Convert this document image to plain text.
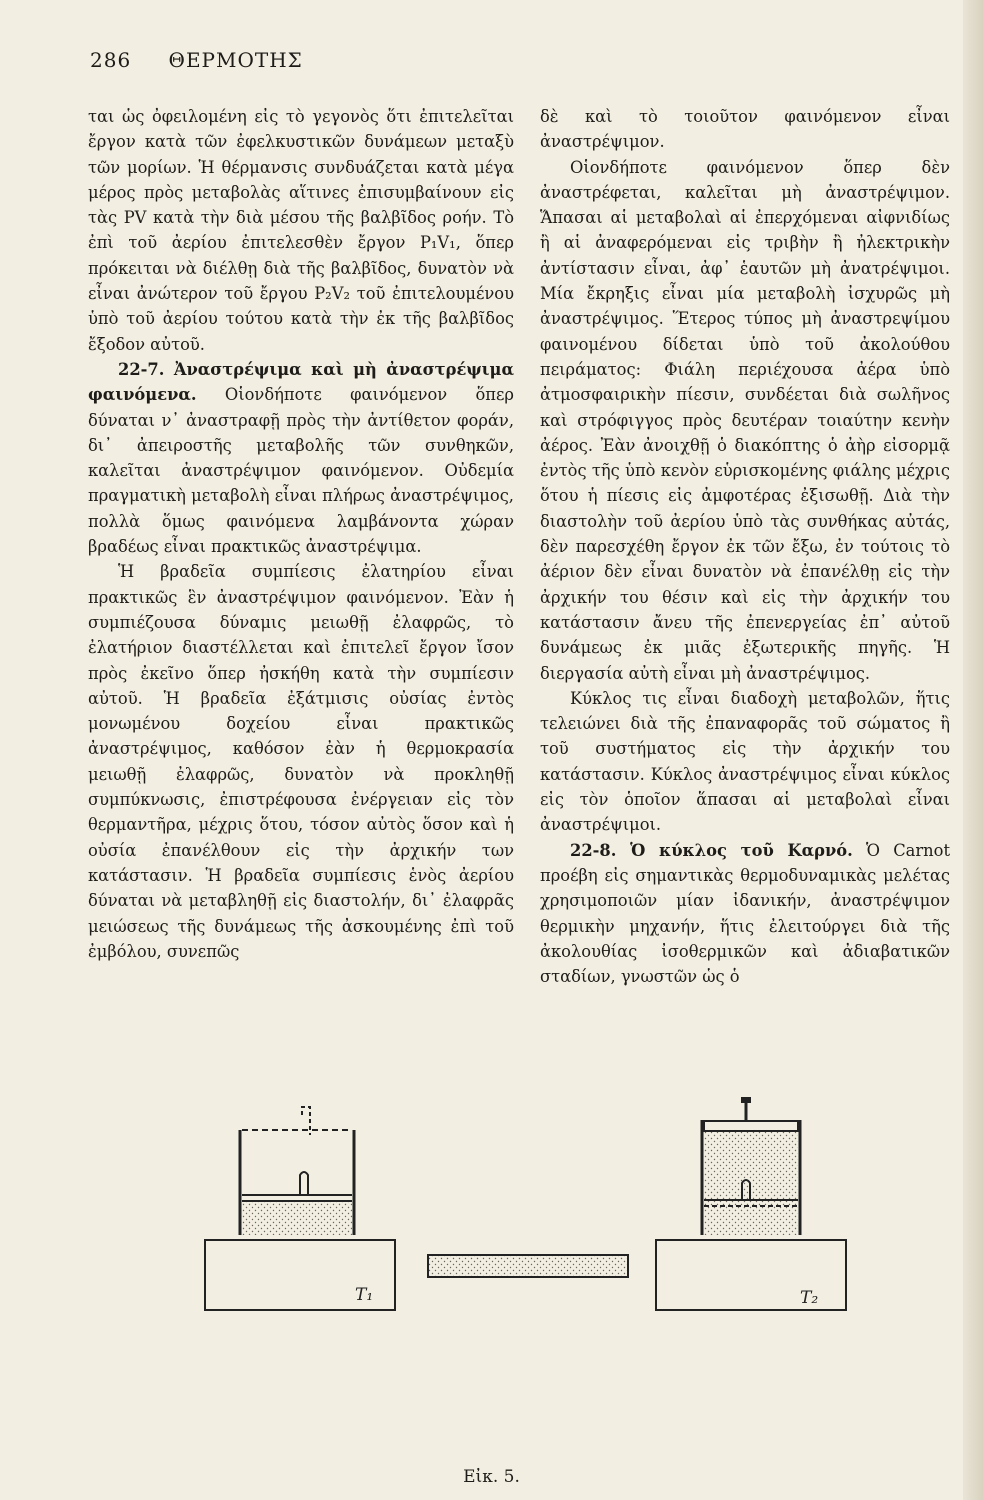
286 ΘΕΡΜΟΤΗΣ

ται ὡς ὀφειλομένη εἰς τὸ γεγονὸς ὅτι ἐπιτελεῖται ἔργον κατὰ τῶν ἐφελκυστικῶν δυνάμεων μεταξὺ τῶν μορίων. Ἡ θέρμανσις συνδυάζεται κατὰ μέγα μέρος πρὸς μεταβολὰς αἵτινες ἐπισυμβαίνουν εἰς τὰς PV κατὰ τὴν διὰ μέσου τῆς βαλβῖδος ροήν. Τὸ ἐπὶ τοῦ ἀερίου ἐπιτελεσθὲν ἔργον P₁V₁, ὅπερ πρόκειται νὰ διέλθῃ διὰ τῆς βαλβῖδος, δυνατὸν νὰ εἶναι ἀνώτερον τοῦ ἔργου P₂V₂ τοῦ ἐπιτελουμένου ὑπὸ τοῦ ἀερίου τούτου κατὰ τὴν ἐκ τῆς βαλβῖδος ἔξοδον αὐτοῦ.

22-7. Ἀναστρέψιμα καὶ μὴ ἀναστρέψιμα φαινόμενα. Οἱονδήποτε φαινόμενον ὅπερ δύναται ν᾽ ἀναστραφῇ πρὸς τὴν ἀντίθετον φοράν, δι᾽ ἀπειροστῆς μεταβολῆς τῶν συνθηκῶν, καλεῖται ἀναστρέψιμον φαινόμενον. Οὐδεμία πραγματικὴ μεταβολὴ εἶναι πλήρως ἀναστρέψιμος, πολλὰ ὅμως φαινόμενα λαμβάνοντα χώραν βραδέως εἶναι πρακτικῶς ἀναστρέψιμα.

Ἡ βραδεῖα συμπίεσις ἐλατηρίου εἶναι πρακτικῶς ἓν ἀναστρέψιμον φαινόμενον. Ἐὰν ἡ συμπιέζουσα δύναμις μειωθῇ ἐλαφρῶς, τὸ ἐλατήριον διαστέλλεται καὶ ἐπιτελεῖ ἔργον ἴσον πρὸς ἐκεῖνο ὅπερ ἠσκήθη κατὰ τὴν συμπίεσιν αὐτοῦ. Ἡ βραδεῖα ἐξάτμισις οὐσίας ἐντὸς μονωμένου δοχείου εἶναι πρακτικῶς ἀναστρέψιμος, καθόσον ἐὰν ἡ θερμοκρασία μειωθῇ ἐλαφρῶς, δυνατὸν νὰ προκληθῇ συμπύκνωσις, ἐπιστρέφουσα ἐνέργειαν εἰς τὸν θερμαντῆρα, μέχρις ὅτου, τόσον αὐτὸς ὅσον καὶ ἡ οὐσία ἐπανέλθουν εἰς τὴν ἀρχικήν των κατάστασιν. Ἡ βραδεῖα συμπίεσις ἑνὸς ἀερίου δύναται νὰ μεταβληθῇ εἰς διαστολήν, δι᾽ ἐλαφρᾶς μειώσεως τῆς δυνάμεως τῆς ἀσκουμένης ἐπὶ τοῦ ἐμβόλου, συνεπῶς

δὲ καὶ τὸ τοιοῦτον φαινόμενον εἶναι ἀναστρέψιμον.

Οἱονδήποτε φαινόμενον ὅπερ δὲν ἀναστρέφεται, καλεῖται μὴ ἀναστρέψιμον. Ἅπασαι αἱ μεταβολαὶ αἱ ἐπερχόμεναι αἰφνιδίως ἢ αἱ ἀναφερόμεναι εἰς τριβὴν ἢ ἠλεκτρικὴν ἀντίστασιν εἶναι, ἀφ᾽ ἑαυτῶν μὴ ἀνατρέψιμοι. Μία ἔκρηξις εἶναι μία μεταβολὴ ἰσχυρῶς μὴ ἀναστρέψιμος. Ἕτερος τύπος μὴ ἀναστρεψίμου φαινομένου δίδεται ὑπὸ τοῦ ἀκολούθου πειράματος: Φιάλη περιέχουσα ἀέρα ὑπὸ ἀτμοσφαιρικὴν πίεσιν, συνδέεται διὰ σωλῆνος καὶ στρόφιγγος πρὸς δευτέραν τοιαύτην κενὴν ἀέρος. Ἐὰν ἀνοιχθῇ ὁ διακόπτης ὁ ἀὴρ εἰσορμᾷ ἐντὸς τῆς ὑπὸ κενὸν εὑρισκομένης φιάλης μέχρις ὅτου ἡ πίεσις εἰς ἀμφοτέρας ἐξισωθῇ. Διὰ τὴν διαστολὴν τοῦ ἀερίου ὑπὸ τὰς συνθήκας αὐτάς, δὲν παρεσχέθη ἔργον ἐκ τῶν ἔξω, ἐν τούτοις τὸ ἀέριον δὲν εἶναι δυνατὸν νὰ ἐπανέλθῃ εἰς τὴν ἀρχικήν του θέσιν καὶ εἰς τὴν ἀρχικήν του κατάστασιν ἄνευ τῆς ἐπενεργείας ἐπ᾽ αὐτοῦ δυνάμεως ἐκ μιᾶς ἐξωτερικῆς πηγῆς. Ἡ διεργασία αὐτὴ εἶναι μὴ ἀναστρέψιμος.

Κύκλος τις εἶναι διαδοχὴ μεταβολῶν, ἥτις τελειώνει διὰ τῆς ἐπαναφορᾶς τοῦ σώματος ἢ τοῦ συστήματος εἰς τὴν ἀρχικήν του κατάστασιν. Κύκλος ἀναστρέψιμος εἶναι κύκλος εἰς τὸν ὁποῖον ἅπασαι αἱ μεταβολαὶ εἶναι ἀναστρέψιμοι.

22-8. Ὁ κύκλος τοῦ Καρνό. Ὁ Carnot προέβη εἰς σημαντικὰς θερμοδυναμικὰς μελέτας χρησιμοποιῶν μίαν ἰδανικήν, ἀναστρέψιμον θερμικὴν μηχανήν, ἥτις ἐλειτούργει διὰ τῆς ἀκολουθίας ἰσοθερμικῶν καὶ ἀδιαβατικῶν σταδίων, γνωστῶν ὡς ὁ

T₁	T₂
Εἰκ. 5.
